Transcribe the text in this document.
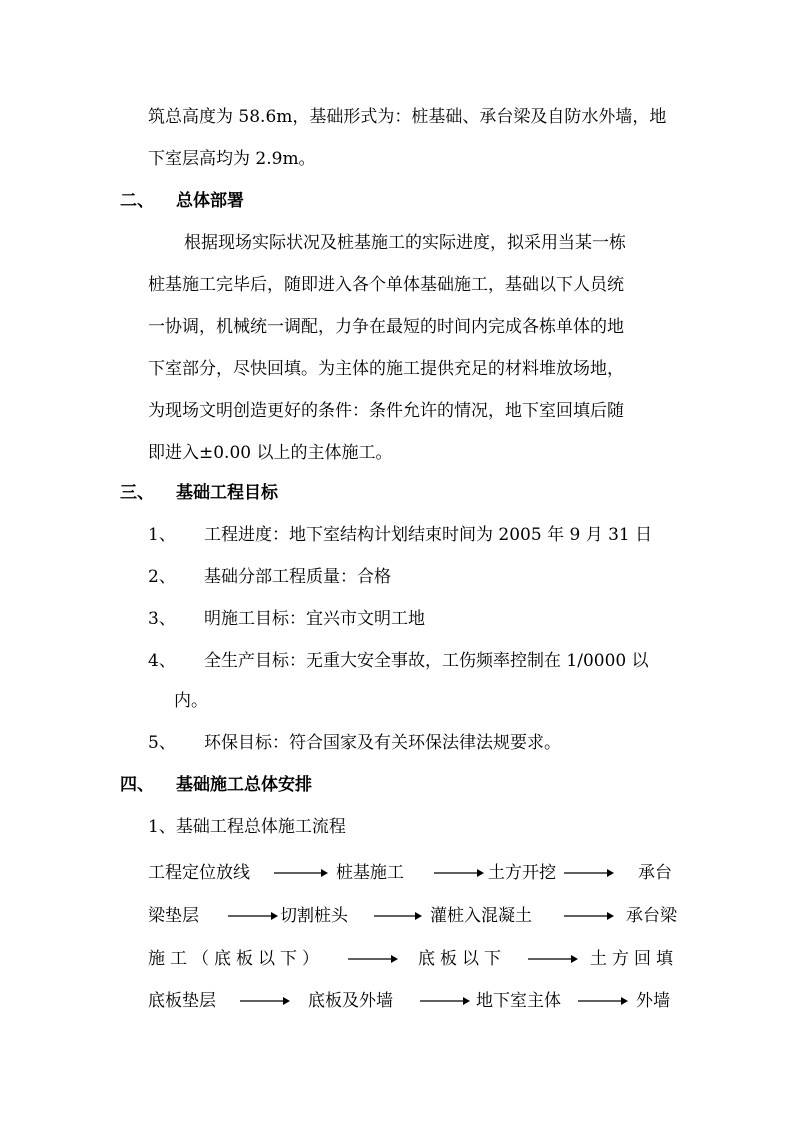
筑总高度为 58.6m，基础形式为：桩基础、承台梁及自防水外墙，地
下室层高均为 2.9m。
二、 总体部署
根据现场实际状况及桩基施工的实际进度，拟采用当某一栋
桩基施工完毕后，随即进入各个单体基础施工，基础以下人员统
一协调，机械统一调配，力争在最短的时间内完成各栋单体的地
下室部分，尽快回填。为主体的施工提供充足的材料堆放场地，
为现场文明创造更好的条件：条件允许的情况，地下室回填后随
即进入±0.00 以上的主体施工。
三、 基础工程目标
1、 工程进度：地下室结构计划结束时间为 2005 年 9 月 31 日
2、 基础分部工程质量：合格
3、 明施工目标：宜兴市文明工地
4、 全生产目标：无重大安全事故，工伤频率控制在 1/0000 以
内。
5、 环保目标：符合国家及有关环保法律法规要求。
四、 基础施工总体安排
1、基础工程总体施工流程
工程定位放线	桩基施工	土方开挖	承台
梁垫层	切割桩头	灌桩入混凝土	承台梁
施工（底板以下）	底板以下	土方回填
底板垫层	底板及外墙	地下室主体	外墙
